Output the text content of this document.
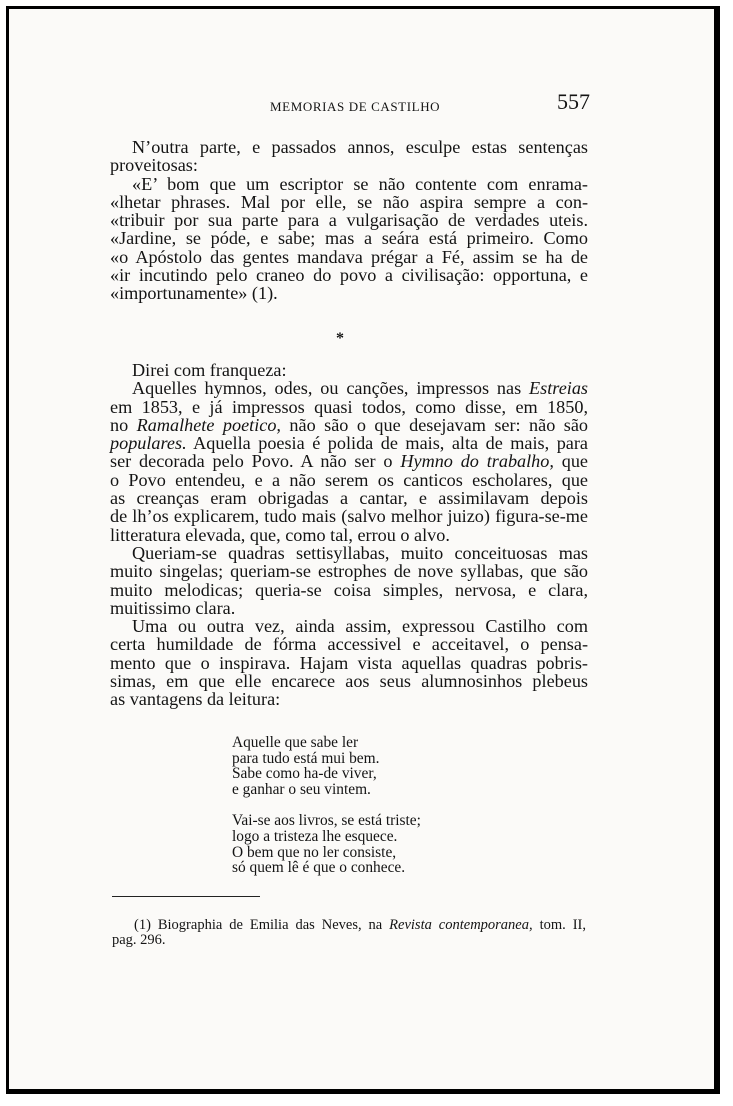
MEMORIAS DE CASTILHO	557
N’outra parte, e passados annos, esculpe estas sentenças
proveitosas:
«E’ bom que um escriptor se não contente com enrama-
«lhetar phrases. Mal por elle, se não aspira sempre a con-
«tribuir por sua parte para a vulgarisação de verdades uteis.
«Jardine, se póde, e sabe; mas a seára está primeiro. Como
«o Apóstolo das gentes mandava prégar a Fé, assim se ha de
«ir incutindo pelo craneo do povo a civilisação: opportuna, e
«importunamente» (1).
*
Direi com franqueza:
Aquelles hymnos, odes, ou canções, impressos nas Estreias
em 1853, e já impressos quasi todos, como disse, em 1850,
no Ramalhete poetico, não são o que desejavam ser: não são
populares. Aquella poesia é polida de mais, alta de mais, para
ser decorada pelo Povo. A não ser o Hymno do trabalho, que
o Povo entendeu, e a não serem os canticos escholares, que
as creanças eram obrigadas a cantar, e assimilavam depois
de lh’os explicarem, tudo mais (salvo melhor juizo) figura-se-me
litteratura elevada, que, como tal, errou o alvo.
Queriam-se quadras settisyllabas, muito conceituosas mas
muito singelas; queriam-se estrophes de nove syllabas, que são
muito melodicas; queria-se coisa simples, nervosa, e clara,
muitissimo clara.
Uma ou outra vez, ainda assim, expressou Castilho com
certa humildade de fórma accessivel e acceitavel, o pensa-
mento que o inspirava. Hajam vista aquellas quadras pobris-
simas, em que elle encarece aos seus alumnosinhos plebeus
as vantagens da leitura:
Aquelle que sabe ler
para tudo está mui bem.
Sabe como ha-de viver,
e ganhar o seu vintem.
Vai-se aos livros, se está triste;
logo a tristeza lhe esquece.
O bem que no ler consiste,
só quem lê é que o conhece.
(1) Biographia de Emilia das Neves, na Revista contemporanea, tom. II,
pag. 296.
